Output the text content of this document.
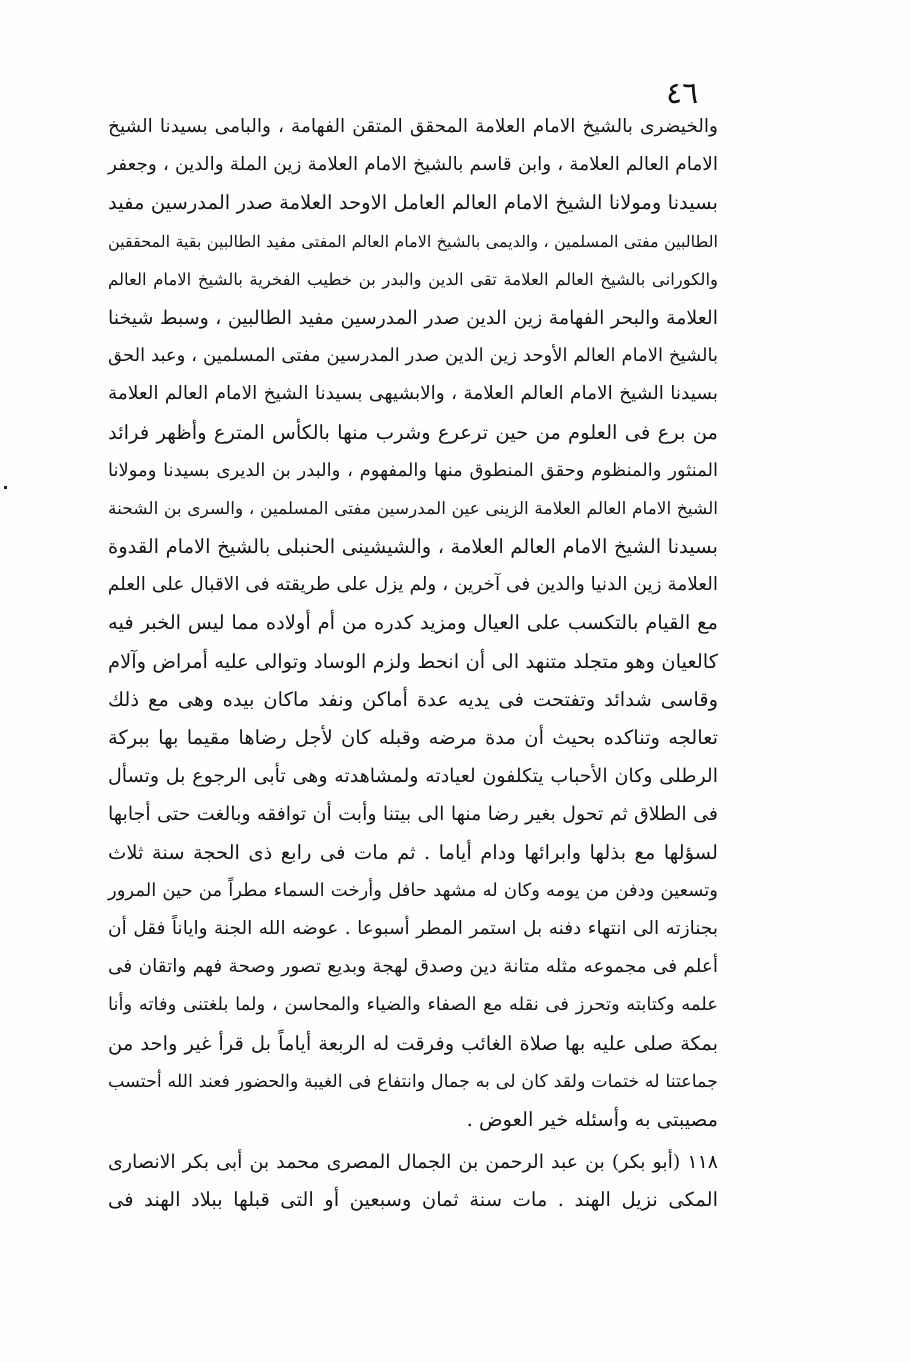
٤٦
والخيضرى بالشيخ الامام العلامة المحقق المتقن الفهامة ، والبامى بسيدنا الشيخ
الامام العالم العلامة ، وابن قاسم بالشيخ الامام العلامة زين الملة والدين ، وجعفر
بسيدنا ومولانا الشيخ الامام العالم العامل الاوحد العلامة صدر المدرسين مفيد
الطالبين مفتى المسلمين ، والديمى بالشيخ الامام العالم المفتى مفيد الطالبين بقية المحققين
والكورانى بالشيخ العالم العلامة تقى الدين والبدر بن خطيب الفخرية بالشيخ الامام العالم
العلامة والبحر الفهامة زين الدين صدر المدرسين مفيد الطالبين ، وسبط شيخنا
بالشيخ الامام العالم الأوحد زين الدين صدر المدرسين مفتى المسلمين ، وعبد الحق
بسيدنا الشيخ الامام العالم العلامة ، والابشيهى بسيدنا الشيخ الامام العالم العلامة
من برع فى العلوم من حين ترعرع وشرب منها بالكأس المترع وأظهر فرائد
المنثور والمنظوم وحقق المنطوق منها والمفهوم ، والبدر بن الديرى بسيدنا ومولانا
الشيخ الامام العالم العلامة الزينى عين المدرسين مفتى المسلمين ، والسرى بن الشحنة
بسيدنا الشيخ الامام العالم العلامة ، والشيشينى الحنبلى بالشيخ الامام القدوة
العلامة زين الدنيا والدين فى آخرين ، ولم يزل على طريقته فى الاقبال على العلم
مع القيام بالتكسب على العيال ومزيد كدره من أم أولاده مما ليس الخبر فيه
كالعيان وهو متجلد متنهد الى أن انحط ولزم الوساد وتوالى عليه أمراض وآلام
وقاسى شدائد وتفتحت فى يديه عدة أماكن ونفد ماكان بيده وهى مع ذلك
تعالجه وتناكده بحيث أن مدة مرضه وقبله كان لأجل رضاها مقيما بها ببركة
الرطلى وكان الأحباب يتكلفون لعيادته ولمشاهدته وهى تأبى الرجوع بل وتسأل
فى الطلاق ثم تحول بغير رضا منها الى بيتنا وأبت أن توافقه وبالغت حتى أجابها
لسؤلها مع بذلها وابرائها ودام أياما . ثم مات فى رابع ذى الحجة سنة ثلاث
وتسعين ودفن من يومه وكان له مشهد حافل وأرخت السماء مطراً من حين المرور
بجنازته الى انتهاء دفنه بل استمر المطر أسبوعا . عوضه الله الجنة واياناً فقل أن
أعلم فى مجموعه مثله متانة دين وصدق لهجة وبديع تصور وصحة فهم واتقان فى
علمه وكتابته وتحرز فى نقله مع الصفاء والضياء والمحاسن ، ولما بلغتنى وفاته وأنا
بمكة صلى عليه بها صلاة الغائب وفرقت له الربعة أياماً بل قرأ غير واحد من
جماعتنا له ختمات ولقد كان لى به جمال وانتفاع فى الغيبة والحضور فعند الله أحتسب
مصيبتى به وأسئله خير العوض .
١١٨ (أبو بكر) بن عبد الرحمن بن الجمال المصرى محمد بن أبى بكر الانصارى
المكى نزيل الهند . مات سنة ثمان وسبعين أو التى قبلها ببلاد الهند فى
